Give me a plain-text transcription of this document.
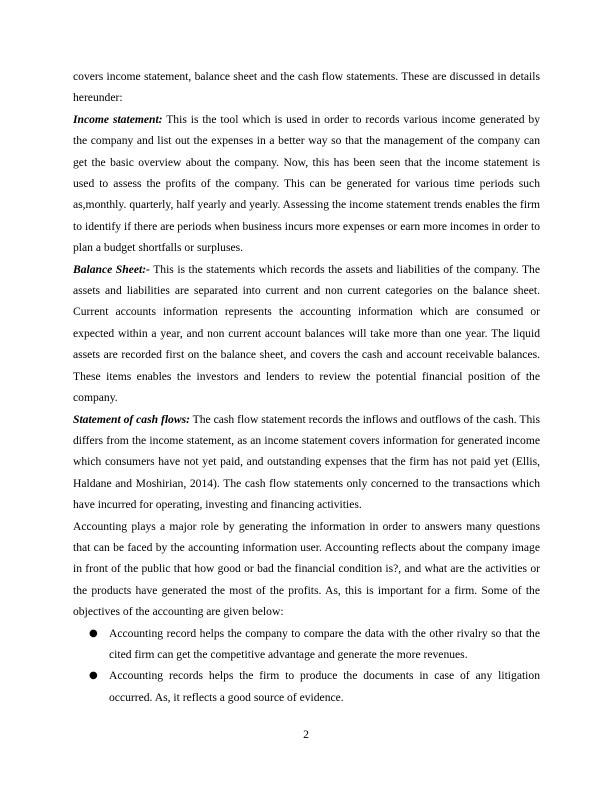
covers income statement, balance sheet and the cash flow statements. These are discussed in details hereunder:

Income statement: This is the tool which is used in order to records various income generated by the company and list out the expenses in a better way so that the management of the company can get the basic overview about the company. Now, this has been seen that the income statement is used to assess the profits of the company. This can be generated for various time periods such as,monthly. quarterly, half yearly and yearly. Assessing the income statement trends enables the firm to identify if there are periods when business incurs more expenses or earn more incomes in order to plan a budget shortfalls or surpluses.

Balance Sheet:- This is the statements which records the assets and liabilities of the company. The assets and liabilities are separated into current and non current categories on the balance sheet. Current accounts information represents the accounting information which are consumed or expected within a year, and non current account balances will take more than one year. The liquid assets are recorded first on the balance sheet, and covers the cash and account receivable balances. These items enables the investors and lenders to review the potential financial position of the company.

Statement of cash flows: The cash flow statement records the inflows and outflows of the cash. This differs from the income statement, as an income statement covers information for generated income which consumers have not yet paid, and outstanding expenses that the firm has not paid yet (Ellis, Haldane and Moshirian, 2014). The cash flow statements only concerned to the transactions which have incurred for operating, investing and financing activities.

Accounting plays a major role by generating the information in order to answers many questions that can be faced by the accounting information user. Accounting reflects about the company image in front of the public that how good or bad the financial condition is?, and what are the activities or the products have generated the most of the profits. As, this is important for a firm. Some of the objectives of the accounting are given below:

● Accounting record helps the company to compare the data with the other rivalry so that the cited firm can get the competitive advantage and generate the more revenues.
● Accounting records helps the firm to produce the documents in case of any litigation occurred. As, it reflects a good source of evidence.
2
